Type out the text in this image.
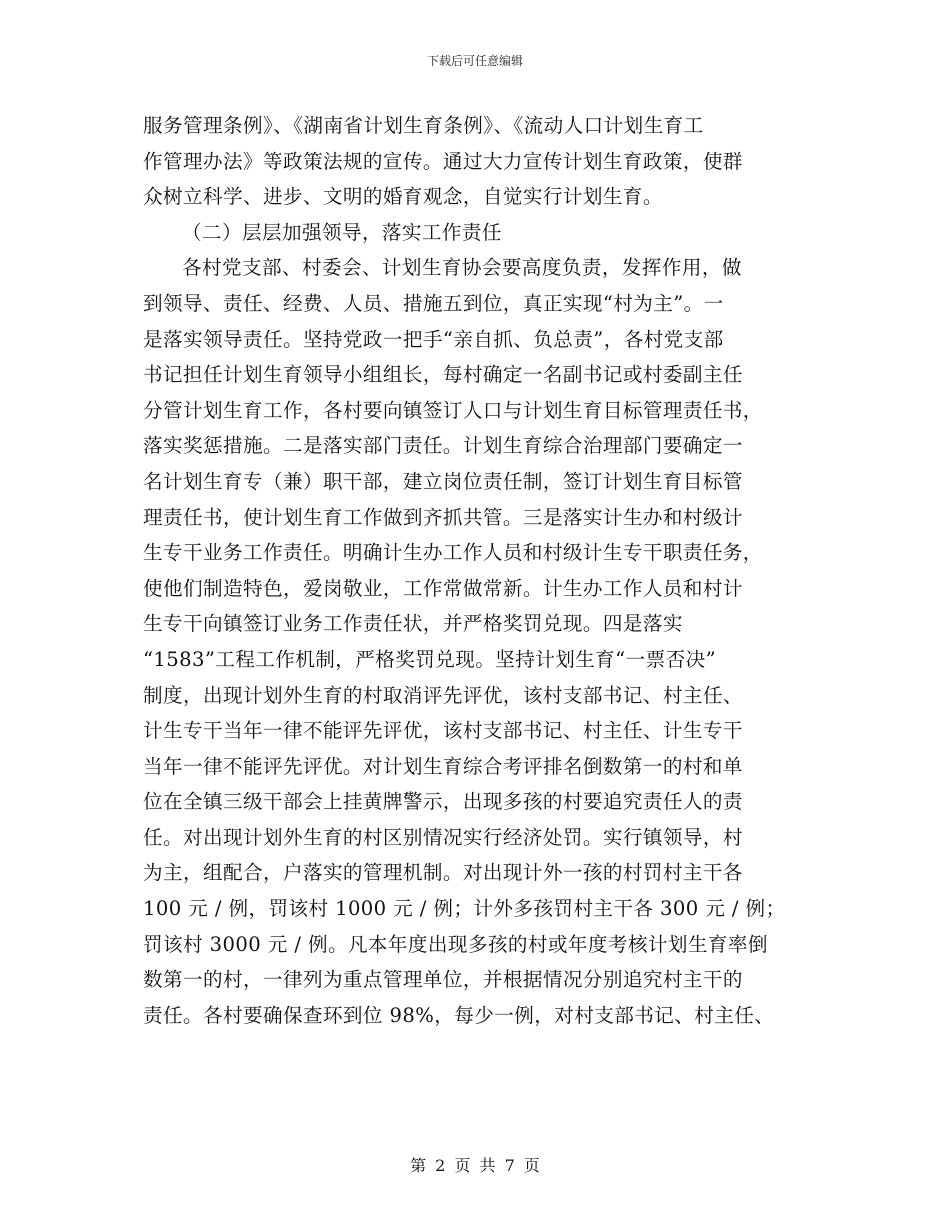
下载后可任意编辑
服务管理条例》、《湖南省计划生育条例》、《流动人口计划生育工
作管理办法》等政策法规的宣传。通过大力宣传计划生育政策，使群
众树立科学、进步、文明的婚育观念，自觉实行计划生育。
（二）层层加强领导，落实工作责任
各村党支部、村委会、计划生育协会要高度负责，发挥作用，做
到领导、责任、经费、人员、措施五到位，真正实现“村为主”。一
是落实领导责任。坚持党政一把手“亲自抓、负总责”，各村党支部
书记担任计划生育领导小组组长，每村确定一名副书记或村委副主任
分管计划生育工作，各村要向镇签订人口与计划生育目标管理责任书，
落实奖惩措施。二是落实部门责任。计划生育综合治理部门要确定一
名计划生育专（兼）职干部，建立岗位责任制，签订计划生育目标管
理责任书，使计划生育工作做到齐抓共管。三是落实计生办和村级计
生专干业务工作责任。明确计生办工作人员和村级计生专干职责任务，
使他们制造特色，爱岗敬业，工作常做常新。计生办工作人员和村计
生专干向镇签订业务工作责任状，并严格奖罚兑现。四是落实
“1583”工程工作机制，严格奖罚兑现。坚持计划生育“一票否决”
制度，出现计划外生育的村取消评先评优，该村支部书记、村主任、
计生专干当年一律不能评先评优，该村支部书记、村主任、计生专干
当年一律不能评先评优。对计划生育综合考评排名倒数第一的村和单
位在全镇三级干部会上挂黄牌警示，出现多孩的村要追究责任人的责
任。对出现计划外生育的村区别情况实行经济处罚。实行镇领导，村
为主，组配合，户落实的管理机制。对出现计外一孩的村罚村主干各
100 元 / 例，罚该村 1000 元 / 例；计外多孩罚村主干各 300 元 / 例；
罚该村 3000 元 / 例。凡本年度出现多孩的村或年度考核计划生育率倒
数第一的村，一律列为重点管理单位，并根据情况分别追究村主干的
责任。各村要确保查环到位 98%，每少一例，对村支部书记、村主任、
第 2 页 共 7 页
